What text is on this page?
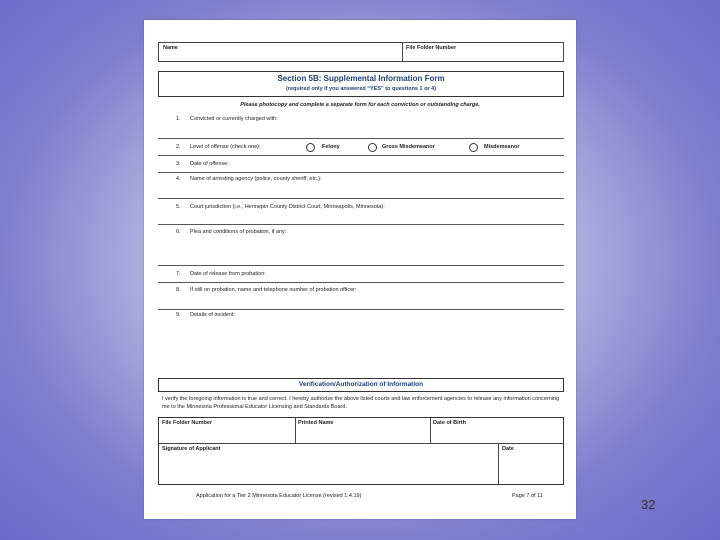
Name	File Folder Number
Section 5B: Supplemental Information Form
(required only if you answered “YES” to questions 1 or 4)
Please photocopy and complete a separate form for each conviction or outstanding charge.
1. Convicted or currently charged with:
2. Level of offense (check one):	Felony	Gross Misdemeanor	Misdemeanor
3. Date of offense:
4. Name of arresting agency (police, county sheriff, etc.):
5. Court jurisdiction (i.e., Hennepin County District Court, Minneapolis, Minnesota):
6. Plea and conditions of probation, if any:
7. Date of release from probation:
8. If still on probation, name and telephone number of probation officer:
9. Details of incident:
Verification/Authorization of Information
I verify the foregoing information is true and correct. I hereby authorize the above listed courts and law enforcement agencies to release any information concerning me to the Minnesota Professional Educator Licensing and Standards Board.
File Folder Number	Printed Name	Date of Birth
Signature of Applicant	Date
Application for a Tier 2 Minnesota Educator License (revised 1.4.19)	Page 7 of 11
32
